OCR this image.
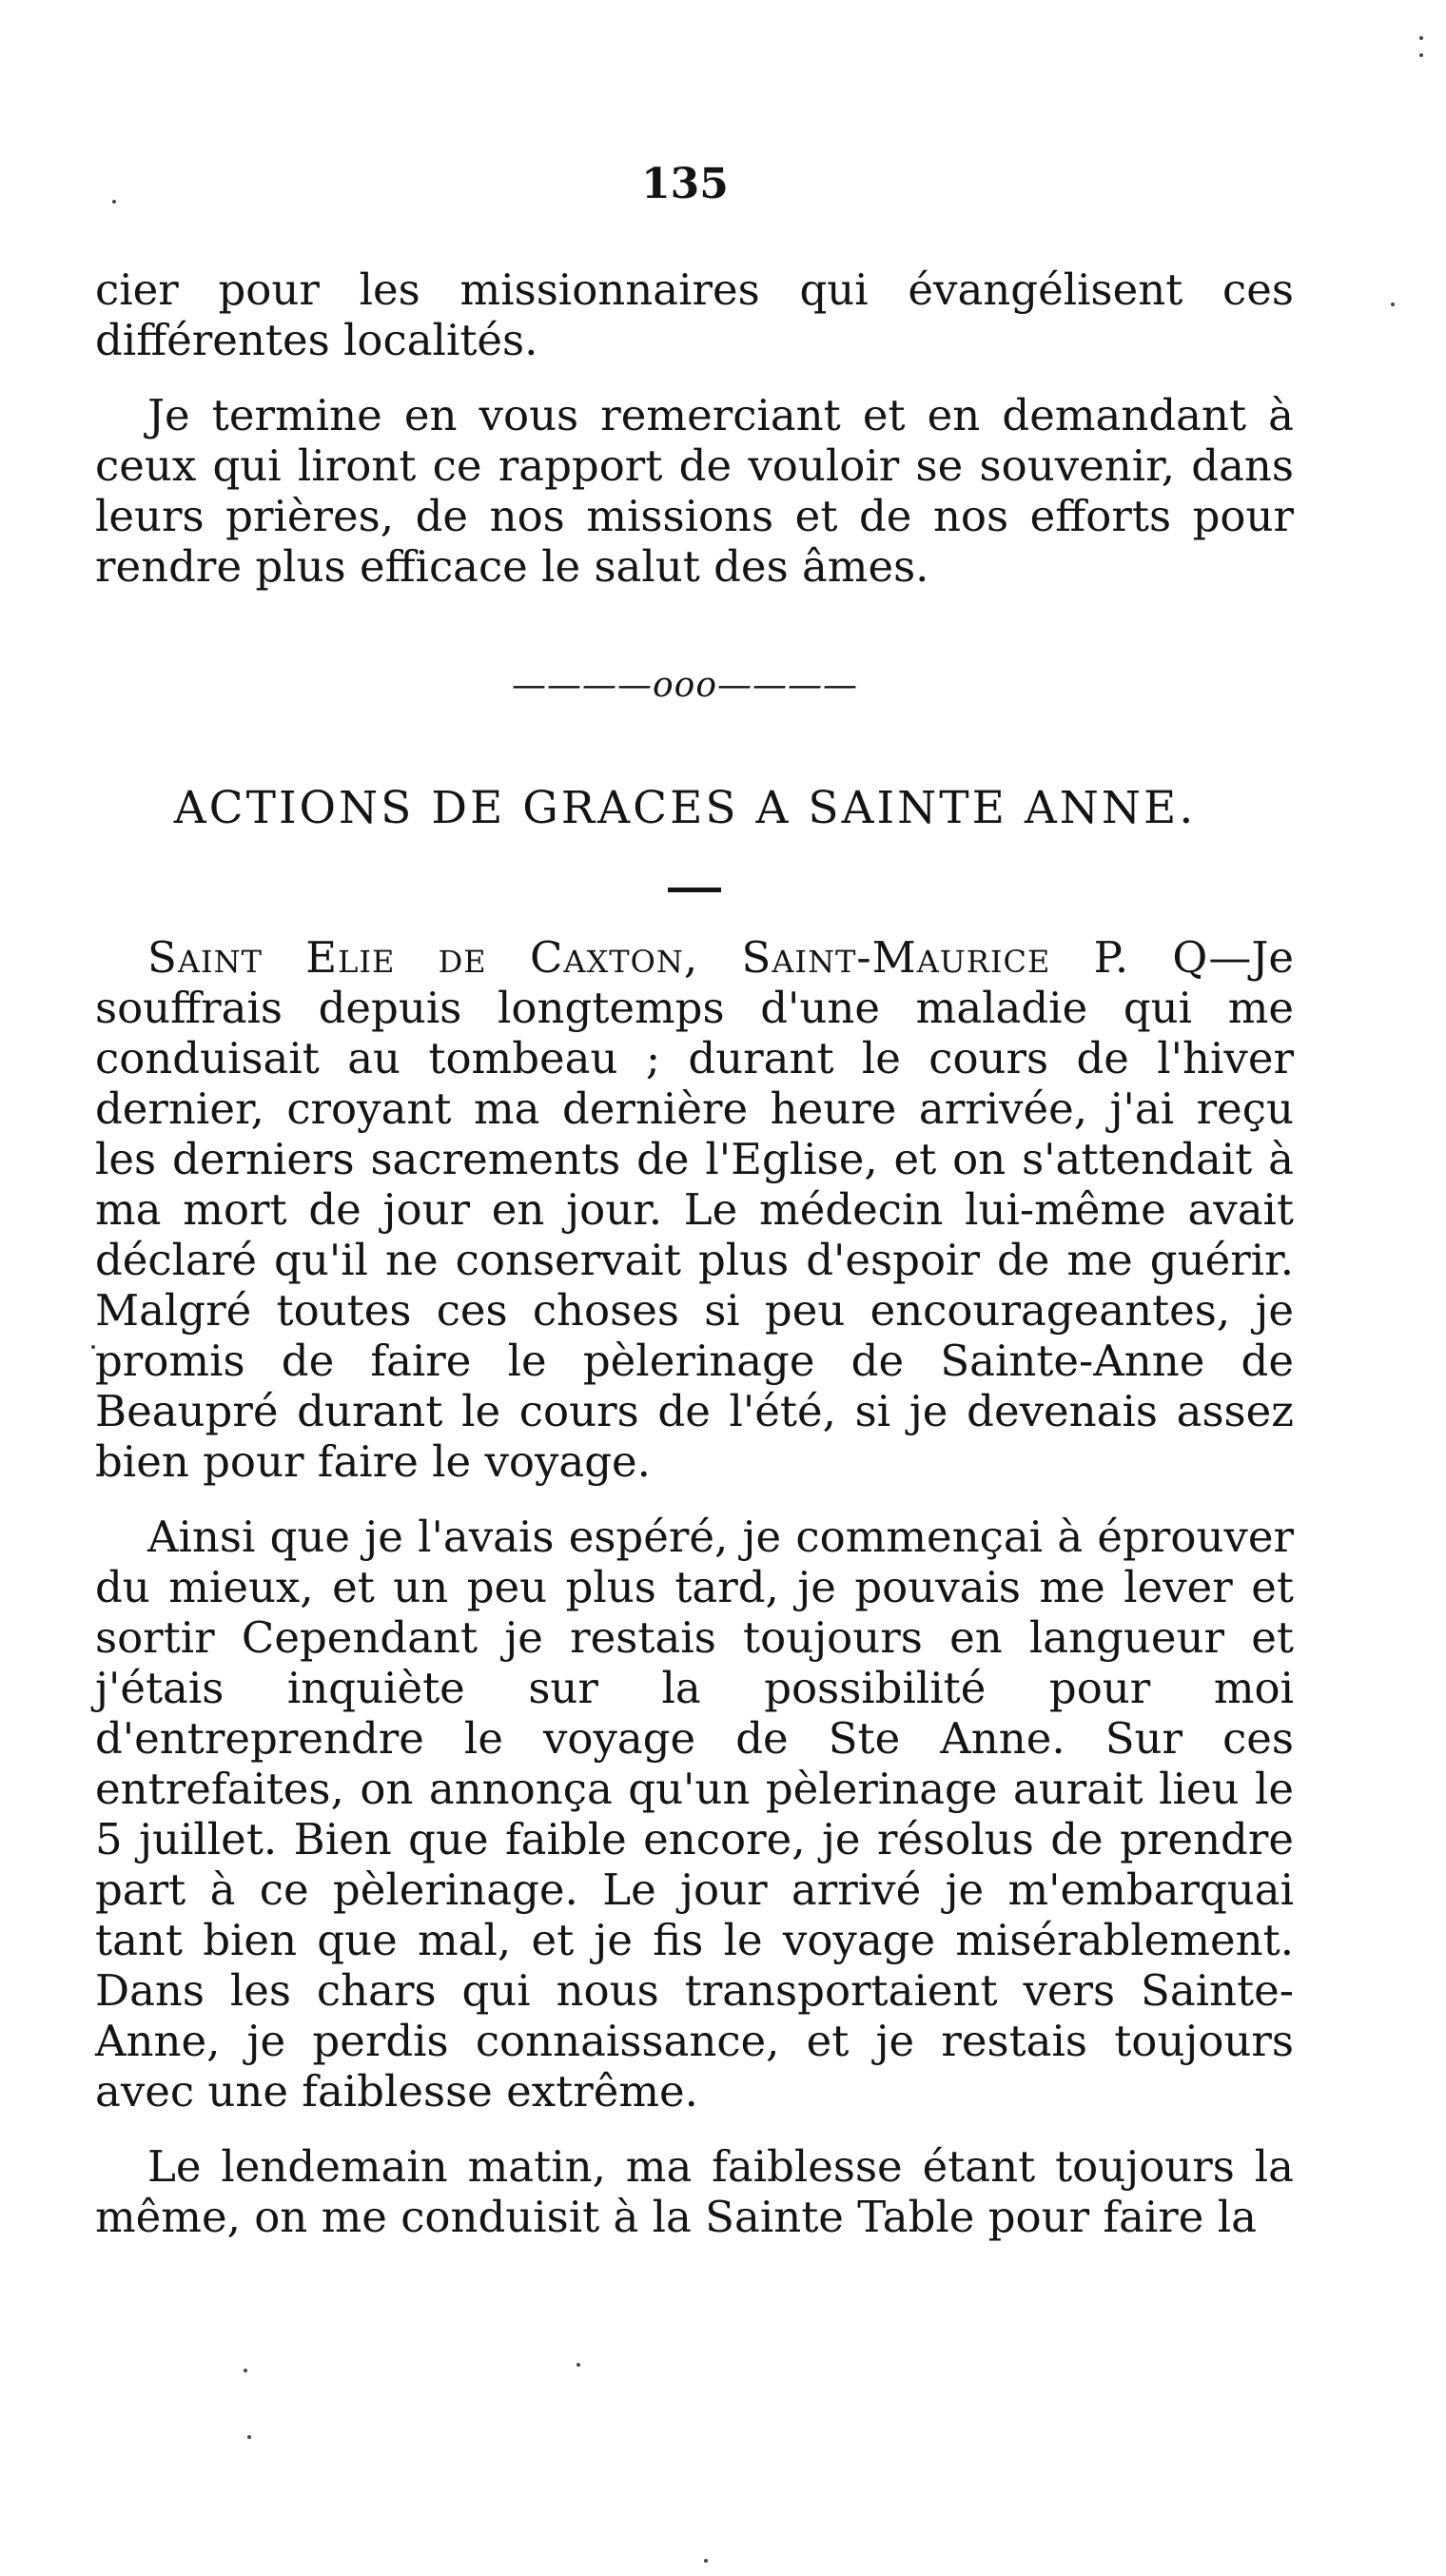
135

cier pour les missionnaires qui évangélisent ces différentes localités.

Je termine en vous remerciant et en demandant à ceux qui liront ce rapport de vouloir se souvenir, dans leurs prières, de nos missions et de nos efforts pour rendre plus efficace le salut des âmes.

————ooo————
ACTIONS DE GRACES A SAINTE ANNE.

Saint Elie de Caxton, Saint-Maurice P. Q—Je souffrais depuis longtemps d'une maladie qui me conduisait au tombeau ; durant le cours de l'hiver dernier, croyant ma dernière heure arrivée, j'ai reçu les derniers sacrements de l'Eglise, et on s'attendait à ma mort de jour en jour. Le médecin lui-même avait déclaré qu'il ne conservait plus d'espoir de me guérir. Malgré toutes ces choses si peu encourageantes, je promis de faire le pèlerinage de Sainte-Anne de Beaupré durant le cours de l'été, si je devenais assez bien pour faire le voyage.

Ainsi que je l'avais espéré, je commençai à éprouver du mieux, et un peu plus tard, je pouvais me lever et sortir Cependant je restais toujours en langueur et j'étais inquiète sur la possibilité pour moi d'entreprendre le voyage de Ste Anne. Sur ces entrefaites, on annonça qu'un pèlerinage aurait lieu le 5 juillet. Bien que faible encore, je résolus de prendre part à ce pèlerinage. Le jour arrivé je m'embarquai tant bien que mal, et je fis le voyage misérablement. Dans les chars qui nous transportaient vers Sainte-Anne, je perdis connaissance, et je restais toujours avec une faiblesse extrême.

Le lendemain matin, ma faiblesse étant toujours la même, on me conduisit à la Sainte Table pour faire la
